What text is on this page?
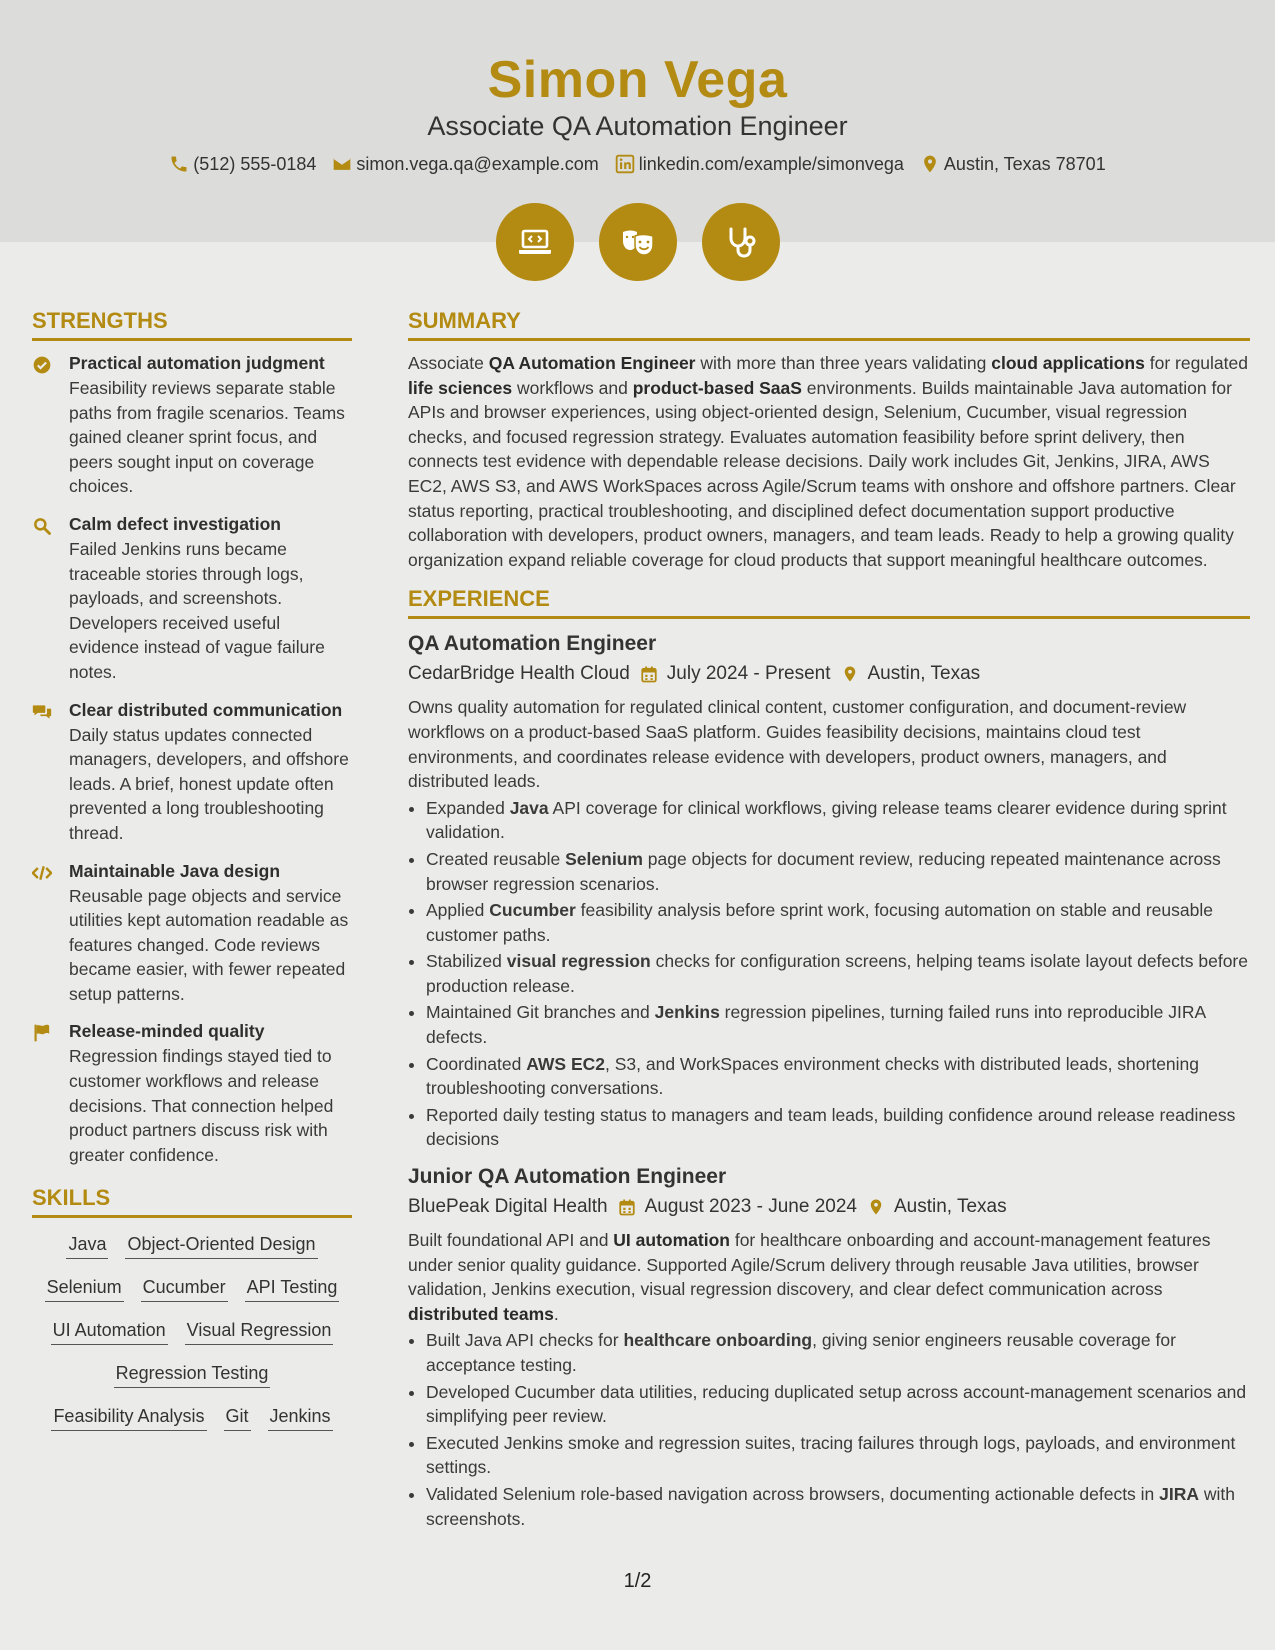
Simon Vega
Associate QA Automation Engineer
(512) 555-0184 simon.vega.qa@example.com linkedin.com/example/simonvega Austin, Texas 78701
STRENGTHS
Practical automation judgment
Feasibility reviews separate stable paths from fragile scenarios. Teams gained cleaner sprint focus, and peers sought input on coverage choices.
Calm defect investigation
Failed Jenkins runs became traceable stories through logs, payloads, and screenshots. Developers received useful evidence instead of vague failure notes.
Clear distributed communication
Daily status updates connected managers, developers, and offshore leads. A brief, honest update often prevented a long troubleshooting thread.
Maintainable Java design
Reusable page objects and service utilities kept automation readable as features changed. Code reviews became easier, with fewer repeated setup patterns.
Release-minded quality
Regression findings stayed tied to customer workflows and release decisions. That connection helped product partners discuss risk with greater confidence.
SKILLS
Java Object-Oriented Design
Selenium Cucumber API Testing
UI Automation Visual Regression
Regression Testing
Feasibility Analysis Git Jenkins
SUMMARY
Associate QA Automation Engineer with more than three years validating cloud applications for regulated life sciences workflows and product-based SaaS environments. Builds maintainable Java automation for APIs and browser experiences, using object-oriented design, Selenium, Cucumber, visual regression checks, and focused regression strategy. Evaluates automation feasibility before sprint delivery, then connects test evidence with dependable release decisions. Daily work includes Git, Jenkins, JIRA, AWS EC2, AWS S3, and AWS WorkSpaces across Agile/Scrum teams with onshore and offshore partners. Clear status reporting, practical troubleshooting, and disciplined defect documentation support productive collaboration with developers, product owners, managers, and team leads. Ready to help a growing quality organization expand reliable coverage for cloud products that support meaningful healthcare outcomes.
EXPERIENCE
QA Automation Engineer
CedarBridge Health Cloud July 2024 - Present Austin, Texas
Owns quality automation for regulated clinical content, customer configuration, and document-review workflows on a product-based SaaS platform. Guides feasibility decisions, maintains cloud test environments, and coordinates release evidence with developers, product owners, managers, and distributed leads.
• Expanded Java API coverage for clinical workflows, giving release teams clearer evidence during sprint validation.
• Created reusable Selenium page objects for document review, reducing repeated maintenance across browser regression scenarios.
• Applied Cucumber feasibility analysis before sprint work, focusing automation on stable and reusable customer paths.
• Stabilized visual regression checks for configuration screens, helping teams isolate layout defects before production release.
• Maintained Git branches and Jenkins regression pipelines, turning failed runs into reproducible JIRA defects.
• Coordinated AWS EC2, S3, and WorkSpaces environment checks with distributed leads, shortening troubleshooting conversations.
• Reported daily testing status to managers and team leads, building confidence around release readiness decisions
Junior QA Automation Engineer
BluePeak Digital Health August 2023 - June 2024 Austin, Texas
Built foundational API and UI automation for healthcare onboarding and account-management features under senior quality guidance. Supported Agile/Scrum delivery through reusable Java utilities, browser validation, Jenkins execution, visual regression discovery, and clear defect communication across distributed teams.
• Built Java API checks for healthcare onboarding, giving senior engineers reusable coverage for acceptance testing.
• Developed Cucumber data utilities, reducing duplicated setup across account-management scenarios and simplifying peer review.
• Executed Jenkins smoke and regression suites, tracing failures through logs, payloads, and environment settings.
• Validated Selenium role-based navigation across browsers, documenting actionable defects in JIRA with screenshots.
1/2
